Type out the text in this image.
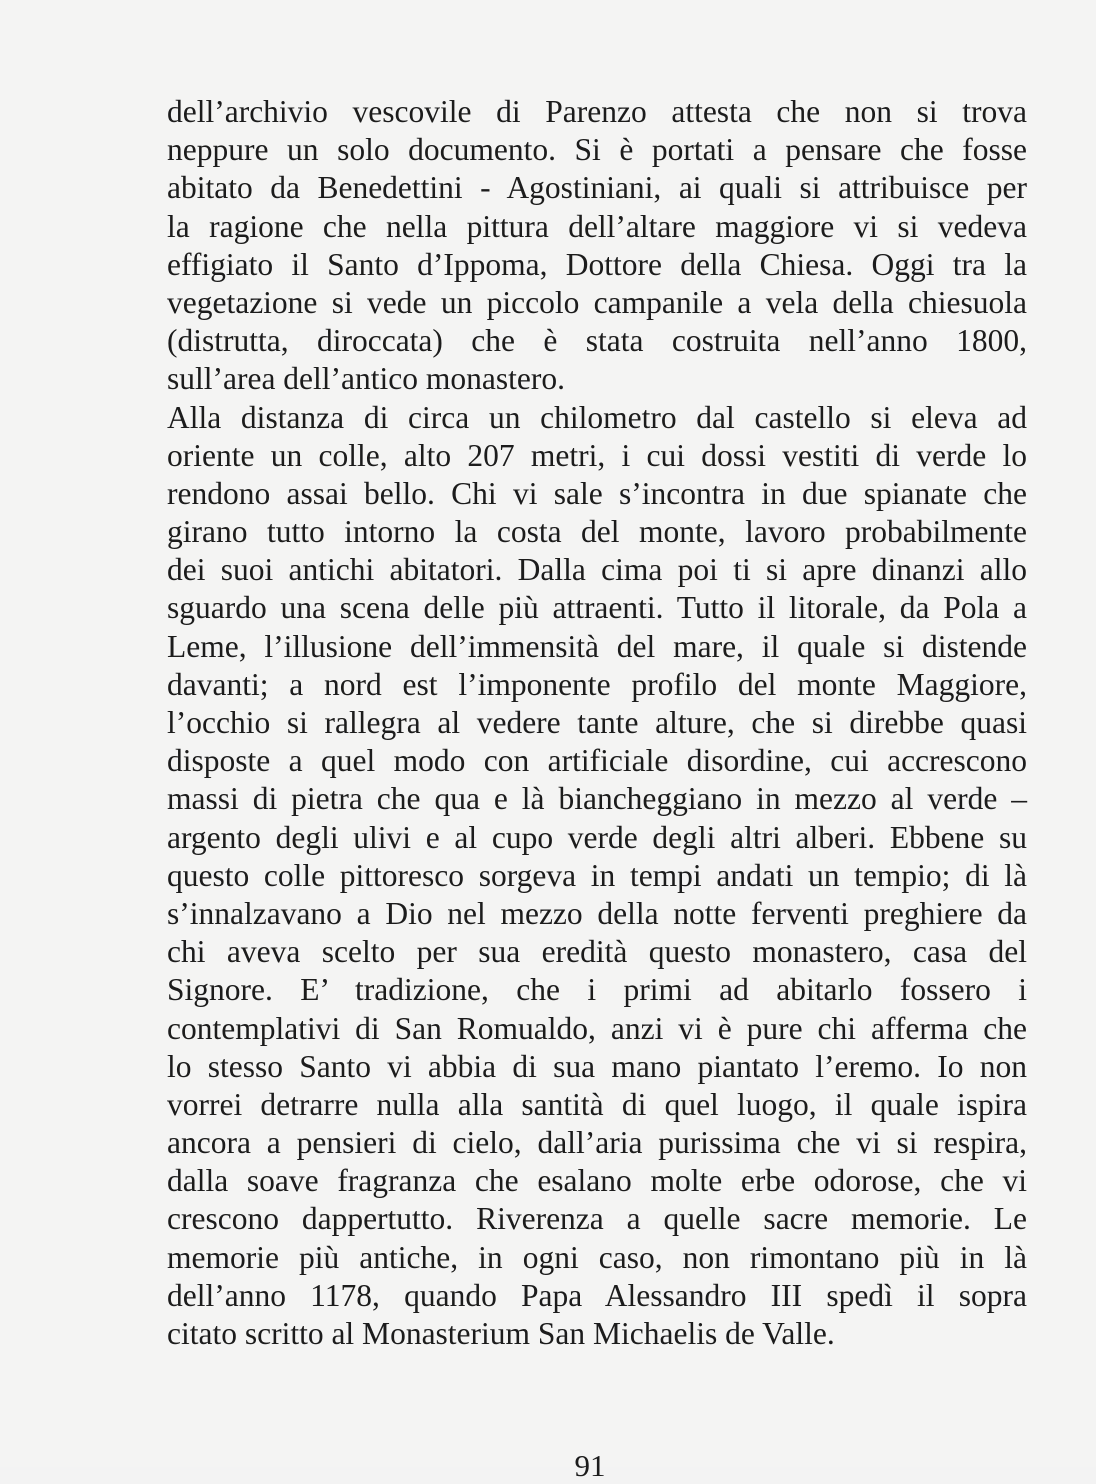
dell’archivio vescovile di Parenzo attesta che non si trova
neppure un solo documento. Si è portati a pensare che fosse
abitato da Benedettini - Agostiniani, ai quali si attribuisce per
la ragione che nella pittura dell’altare maggiore vi si vedeva
effigiato il Santo d’Ippoma, Dottore della Chiesa. Oggi tra la
vegetazione si vede un piccolo campanile a vela della chiesuola
(distrutta, diroccata) che è stata costruita nell’anno 1800,
sull’area dell’antico monastero.
Alla distanza di circa un chilometro dal castello si eleva ad
oriente un colle, alto 207 metri, i cui dossi vestiti di verde lo
rendono assai bello. Chi vi sale s’incontra in due spianate che
girano tutto intorno la costa del monte, lavoro probabilmente
dei suoi antichi abitatori. Dalla cima poi ti si apre dinanzi allo
sguardo una scena delle più attraenti. Tutto il litorale, da Pola a
Leme, l’illusione dell’immensità del mare, il quale si distende
davanti; a nord est l’imponente profilo del monte Maggiore,
l’occhio si rallegra al vedere tante alture, che si direbbe quasi
disposte a quel modo con artificiale disordine, cui accrescono
massi di pietra che qua e là biancheggiano in mezzo al verde –
argento degli ulivi e al cupo verde degli altri alberi. Ebbene su
questo colle pittoresco sorgeva in tempi andati un tempio; di là
s’innalzavano a Dio nel mezzo della notte ferventi preghiere da
chi aveva scelto per sua eredità questo monastero, casa del
Signore. E’ tradizione, che i primi ad abitarlo fossero i
contemplativi di San Romualdo, anzi vi è pure chi afferma che
lo stesso Santo vi abbia di sua mano piantato l’eremo. Io non
vorrei detrarre nulla alla santità di quel luogo, il quale ispira
ancora a pensieri di cielo, dall’aria purissima che vi si respira,
dalla soave fragranza che esalano molte erbe odorose, che vi
crescono dappertutto. Riverenza a quelle sacre memorie. Le
memorie più antiche, in ogni caso, non rimontano più in là
dell’anno 1178, quando Papa Alessandro III spedì il sopra
citato scritto al Monasterium San Michaelis de Valle.
91
